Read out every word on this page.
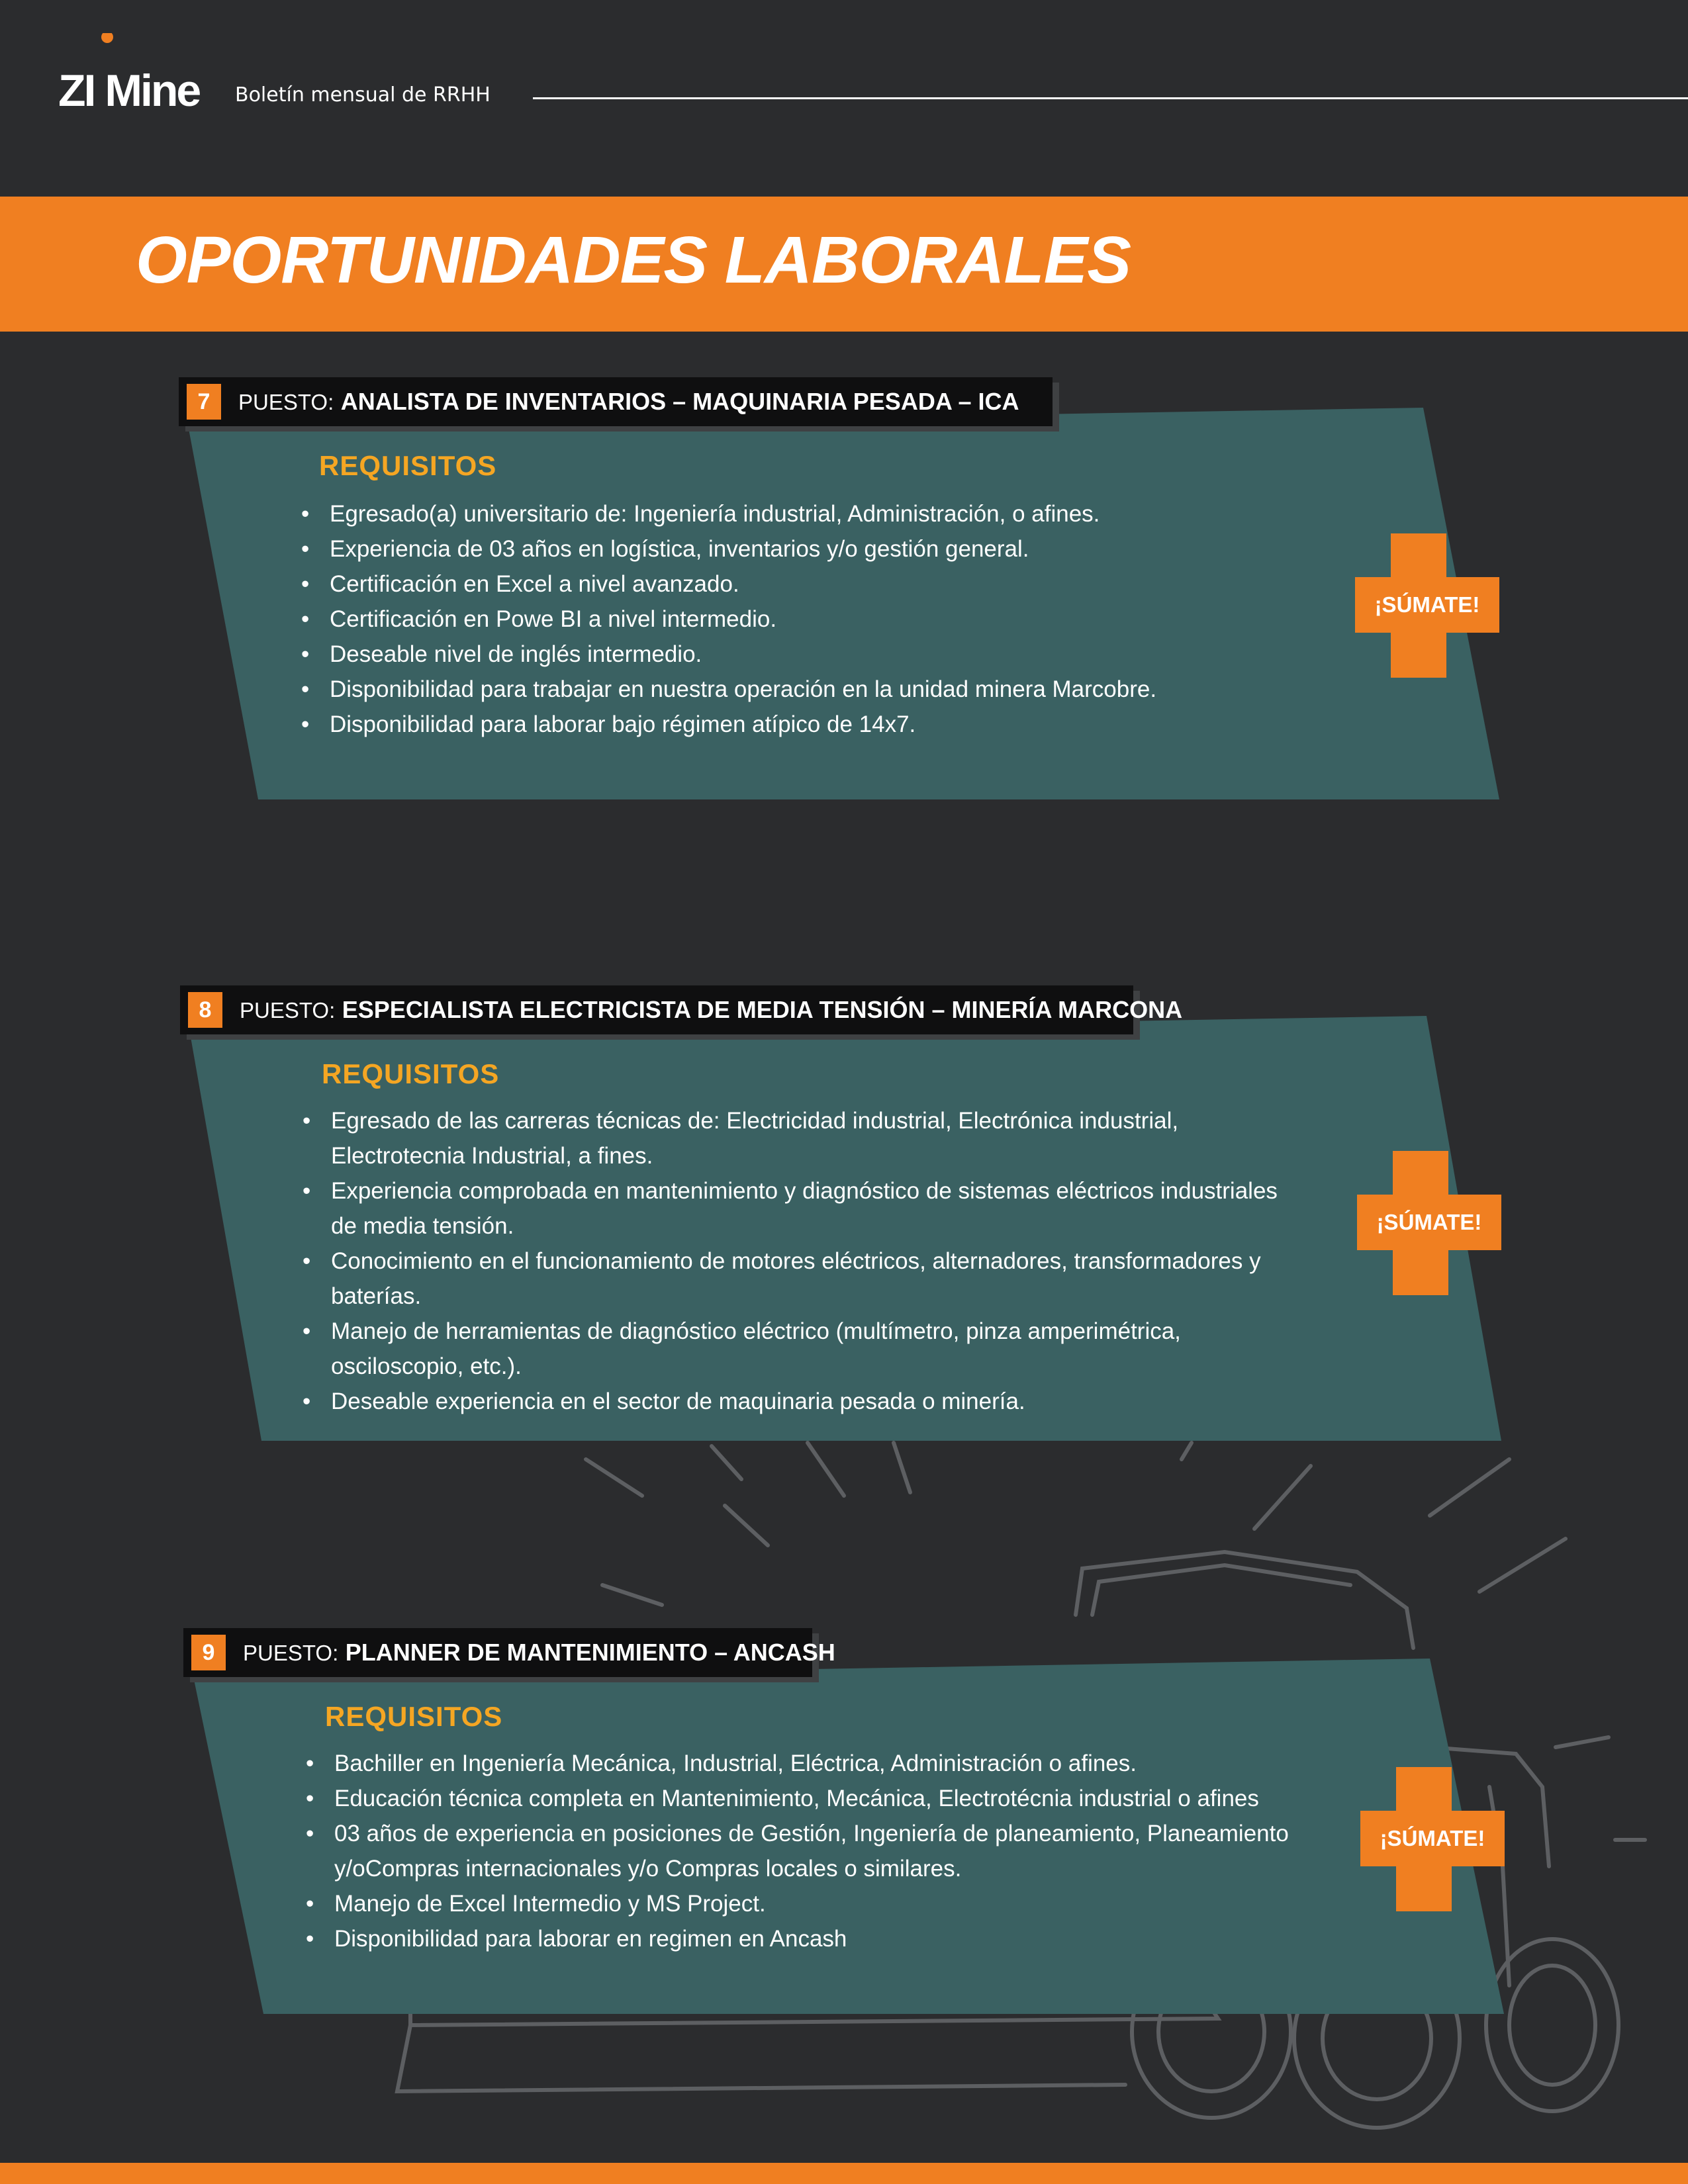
ZI Mine Boletín mensual de RRHH
OPORTUNIDADES LABORALES
7	PUESTO: ANALISTA DE INVENTARIOS – MAQUINARIA PESADA – ICA
REQUISITOS
• Egresado(a) universitario de: Ingeniería industrial, Administración, o afines.
• Experiencia de 03 años en logística, inventarios y/o gestión general.
• Certificación en Excel a nivel avanzado.
• Certificación en Powe BI a nivel intermedio.
• Deseable nivel de inglés intermedio.
• Disponibilidad para trabajar en nuestra operación en la unidad minera Marcobre.
• Disponibilidad para laborar bajo régimen atípico de 14x7.
¡SÚMATE!
8	PUESTO: ESPECIALISTA ELECTRICISTA DE MEDIA TENSIÓN – MINERÍA MARCONA
REQUISITOS
• Egresado de las carreras técnicas de: Electricidad industrial, Electrónica industrial, Electrotecnia Industrial, a fines.
• Experiencia comprobada en mantenimiento y diagnóstico de sistemas eléctricos industriales de media tensión.
• Conocimiento en el funcionamiento de motores eléctricos, alternadores, transformadores y baterías.
• Manejo de herramientas de diagnóstico eléctrico (multímetro, pinza amperimétrica, osciloscopio, etc.).
• Deseable experiencia en el sector de maquinaria pesada o minería.
¡SÚMATE!
9	PUESTO: PLANNER DE MANTENIMIENTO – ANCASH
REQUISITOS
• Bachiller en Ingeniería Mecánica, Industrial, Eléctrica, Administración o afines.
• Educación técnica completa en Mantenimiento, Mecánica, Electrotécnia industrial o afines
• 03 años de experiencia en posiciones de Gestión, Ingeniería de planeamiento, Planeamiento y/oCompras internacionales y/o Compras locales o similares.
• Manejo de Excel Intermedio y MS Project.
• Disponibilidad para laborar en regimen en Ancash
¡SÚMATE!
